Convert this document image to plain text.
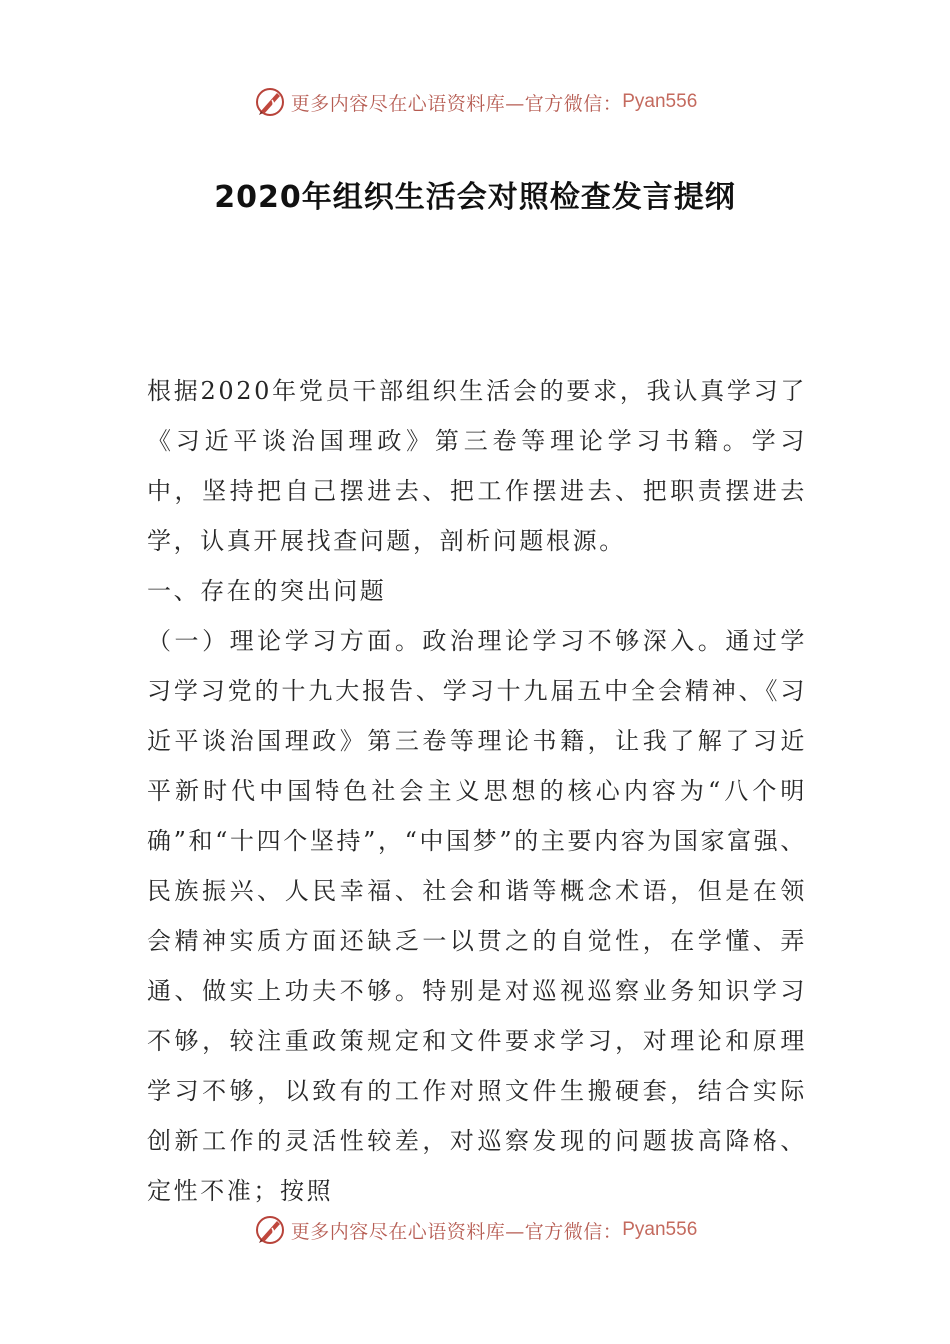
更多内容尽在心语资料库—官方微信： Pyan556
2020年组织生活会对照检查发言提纲

根据2020年党员干部组织生活会的要求，我认真学习了《习近平谈治国理政》第三卷等理论学习书籍。学习中，坚持把自己摆进去、把工作摆进去、把职责摆进去学，认真开展找查问题，剖析问题根源。

一、存在的突出问题

（一）理论学习方面。政治理论学习不够深入。通过学习学习党的十九大报告、学习十九届五中全会精神、《习近平谈治国理政》第三卷等理论书籍，让我了解了习近平新时代中国特色社会主义思想的核心内容为“八个明确”和“十四个坚持”，“中国梦”的主要内容为国家富强、民族振兴、人民幸福、社会和谐等概念术语，但是在领会精神实质方面还缺乏一以贯之的自觉性，在学懂、弄通、做实上功夫不够。特别是对巡视巡察业务知识学习不够，较注重政策规定和文件要求学习，对理论和原理学习不够，以致有的工作对照文件生搬硬套，结合实际创新工作的灵活性较差，对巡察发现的问题拔高降格、定性不准；按照

更多内容尽在心语资料库—官方微信： Pyan556
